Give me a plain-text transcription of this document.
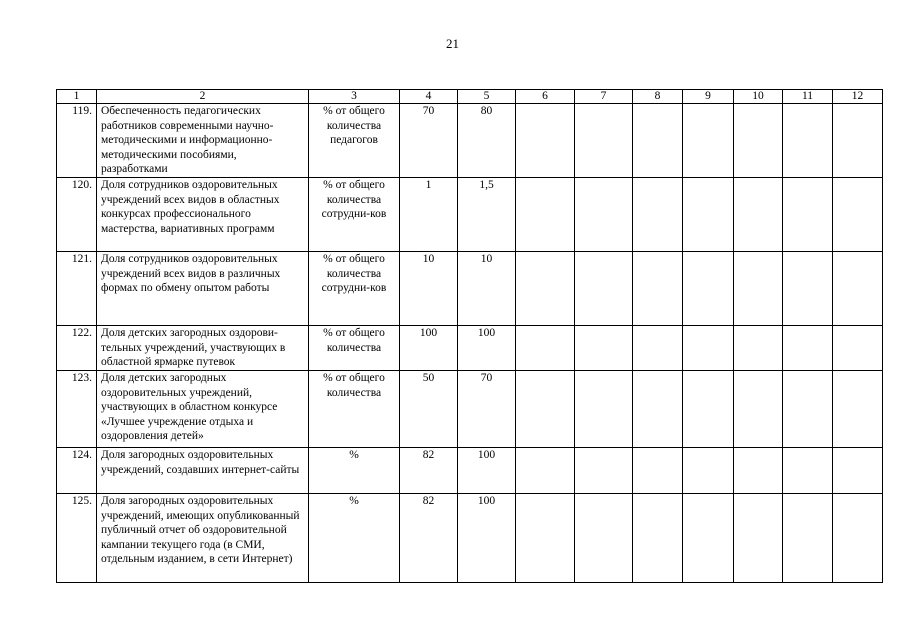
21
1	2	3	4	5	6	7	8	9	10	11	12
119.	Обеспеченность педагогических работников современными научно-методическими и информационно-методическими пособиями, разработками	% от общего количества педагогов	70	80							
120.	Доля сотрудников оздоровительных учреждений всех видов в областных конкурсах профессионального мастерства, вариативных программ	% от общего количества сотрудни-ков	1	1,5							
121.	Доля сотрудников оздоровительных учреждений всех видов в различных формах по обмену опытом работы	% от общего количества сотрудни-ков	10	10							
122.	Доля детских загородных оздорови-тельных учреждений, участвующих в областной ярмарке путевок	% от общего количества	100	100							
123.	Доля детских загородных оздоровительных учреждений, участвующих в областном конкурсе «Лучшее учреждение отдыха и оздоровления детей»	% от общего количества	50	70							
124.	Доля загородных оздоровительных учреждений, создавших интернет-сайты	%	82	100							
125.	Доля загородных оздоровительных учреждений, имеющих опубликованный публичный отчет об оздоровительной кампании текущего года (в СМИ, отдельным изданием, в сети Интернет)	%	82	100							
